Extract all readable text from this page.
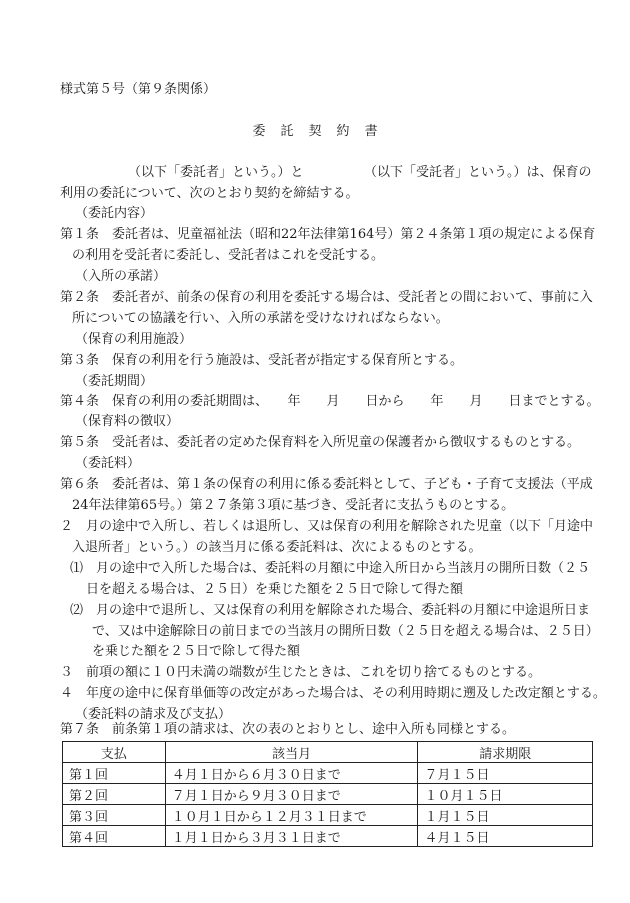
様式第５号（第９条関係）
委託契約書
（以下「委託者」という。）と	（以下「受託者」という。）は、保育の
利用の委託について、次のとおり契約を締結する。
（委託内容）
第１条　委託者は、児童福祉法（昭和22年法律第164号）第２４条第１項の規定による保育
の利用を受託者に委託し、受託者はこれを受託する。
（入所の承諾）
第２条　委託者が、前条の保育の利用を委託する場合は、受託者との間において、事前に入
所についての協議を行い、入所の承諾を受けなければならない。
（保育の利用施設）
第３条　保育の利用を行う施設は、受託者が指定する保育所とする。
（委託期間）
第４条　保育の利用の委託期間は、　　年　　月　　日から　　年　　月　　日までとする。
（保育料の徴収）
第５条　受託者は、委託者の定めた保育料を入所児童の保護者から徴収するものとする。
（委託料）
第６条　委託者は、第１条の保育の利用に係る委託料として、子ども・子育て支援法（平成
24年法律第65号。）第２７条第３項に基づき、受託者に支払うものとする。
２　月の途中で入所し、若しくは退所し、又は保育の利用を解除された児童（以下「月途中
入退所者」という。）の該当月に係る委託料は、次によるものとする。
⑴　月の途中で入所した場合は、委託料の月額に中途入所日から当該月の開所日数（２５
日を超える場合は、２５日）を乗じた額を２５日で除して得た額
⑵　月の途中で退所し、又は保育の利用を解除された場合、委託料の月額に中途退所日ま
で、又は中途解除日の前日までの当該月の開所日数（２５日を超える場合は、２５日）
を乗じた額を２５日で除して得た額
３　前項の額に１０円未満の端数が生じたときは、これを切り捨てるものとする。
４　年度の途中に保育単価等の改定があった場合は、その利用時期に遡及した改定額とする。
（委託料の請求及び支払）
第７条　前条第１項の請求は、次の表のとおりとし、途中入所も同様とする。
支払	該当月	請求期限
第１回	４月１日から６月３０日まで	７月１５日
第２回	７月１日から９月３０日まで	１０月１５日
第３回	１０月１日から１２月３１日まで	１月１５日
第４回	１月１日から３月３１日まで	４月１５日
